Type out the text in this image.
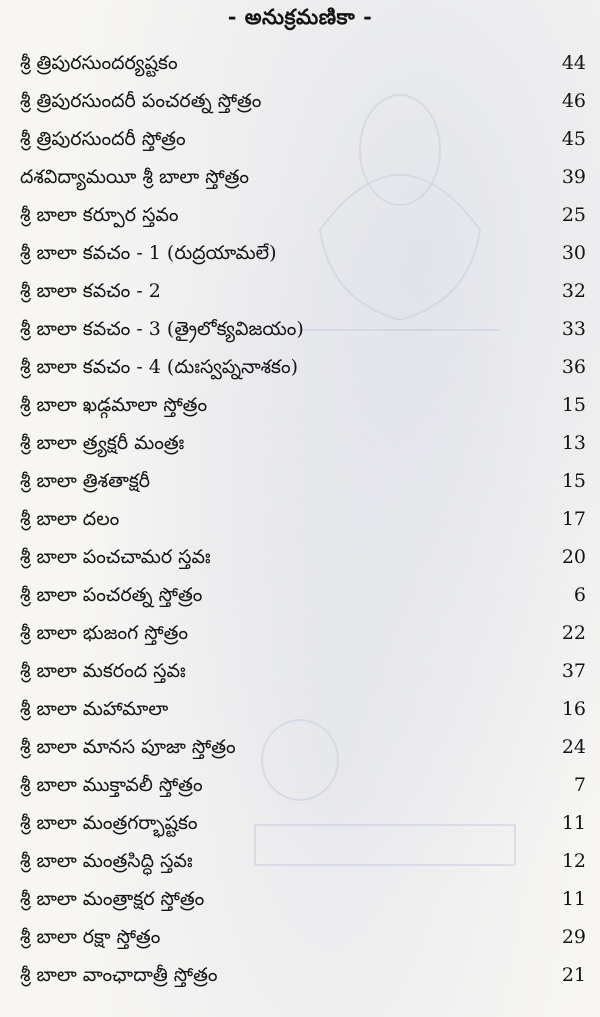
- అనుక్రమణికా -
శ్రీ త్రిపురసుందర్యష్టకం	44
శ్రీ త్రిపురసుందరీ పంచరత్న స్తోత్రం	46
శ్రీ త్రిపురసుందరీ స్తోత్రం	45
దశవిద్యామయీ శ్రీ బాలా స్తోత్రం	39
శ్రీ బాలా కర్పూర స్తవం	25
శ్రీ బాలా కవచం - 1 (రుద్రయామలే)	30
శ్రీ బాలా కవచం - 2	32
శ్రీ బాలా కవచం - 3 (త్రైలోక్యవిజయం)	33
శ్రీ బాలా కవచం - 4 (దుఃస్వప్ననాశకం)	36
శ్రీ బాలా ఖడ్గమాలా స్తోత్రం	15
శ్రీ బాలా త్ర్యక్షరీ మంత్రః	13
శ్రీ బాలా త్రిశతాక్షరీ	15
శ్రీ బాలా దలం	17
శ్రీ బాలా పంచచామర స్తవః	20
శ్రీ బాలా పంచరత్న స్తోత్రం	6
శ్రీ బాలా భుజంగ స్తోత్రం	22
శ్రీ బాలా మకరంద స్తవః	37
శ్రీ బాలా మహామాలా	16
శ్రీ బాలా మానస పూజా స్తోత్రం	24
శ్రీ బాలా ముక్తావలీ స్తోత్రం	7
శ్రీ బాలా మంత్రగర్భాష్టకం	11
శ్రీ బాలా మంత్రసిద్ధి స్తవః	12
శ్రీ బాలా మంత్రాక్షర స్తోత్రం	11
శ్రీ బాలా రక్షా స్తోత్రం	29
శ్రీ బాలా వాంఛాదాత్రీ స్తోత్రం	21
